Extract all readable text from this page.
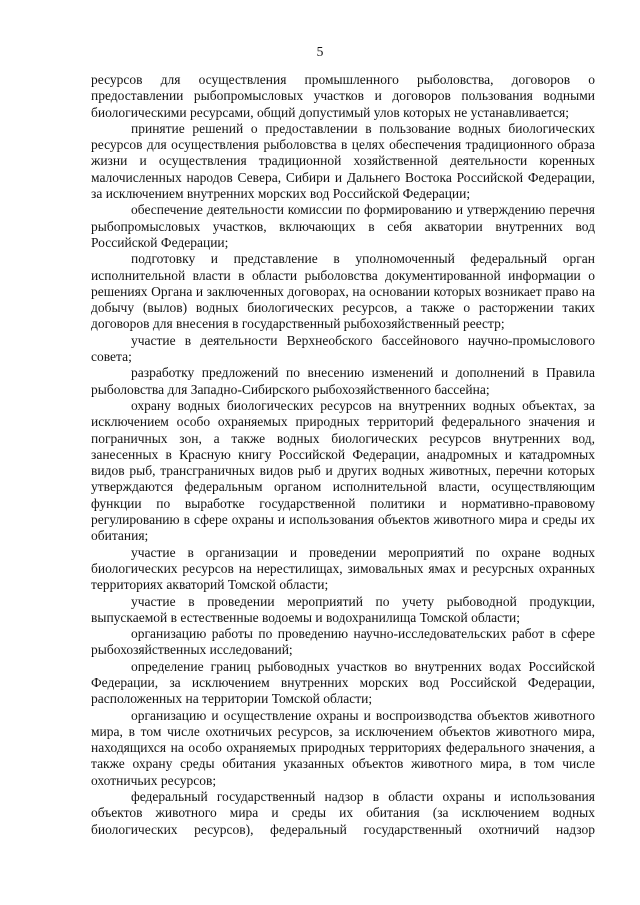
5

ресурсов для осуществления промышленного рыболовства, договоров о предоставлении рыбопромысловых участков и договоров пользования водными биологическими ресурсами, общий допустимый улов которых не устанавливается;

принятие решений о предоставлении в пользование водных биологических ресурсов для осуществления рыболовства в целях обеспечения традиционного образа жизни и осуществления традиционной хозяйственной деятельности коренных малочисленных народов Севера, Сибири и Дальнего Востока Российской Федерации, за исключением внутренних морских вод Российской Федерации;

обеспечение деятельности комиссии по формированию и утверждению перечня рыбопромысловых участков, включающих в себя акватории внутренних вод Российской Федерации;

подготовку и представление в уполномоченный федеральный орган исполнительной власти в области рыболовства документированной информации о решениях Органа и заключенных договорах, на основании которых возникает право на добычу (вылов) водных биологических ресурсов, а также о расторжении таких договоров для внесения в государственный рыбохозяйственный реестр;

участие в деятельности Верхнеобского бассейнового научно-промыслового совета;

разработку предложений по внесению изменений и дополнений в Правила рыболовства для Западно-Сибирского рыбохозяйственного бассейна;

охрану водных биологических ресурсов на внутренних водных объектах, за исключением особо охраняемых природных территорий федерального значения и пограничных зон, а также водных биологических ресурсов внутренних вод, занесенных в Красную книгу Российской Федерации, анадромных и катадромных видов рыб, трансграничных видов рыб и других водных животных, перечни которых утверждаются федеральным органом исполнительной власти, осуществляющим функции по выработке государственной политики и нормативно-правовому регулированию в сфере охраны и использования объектов животного мира и среды их обитания;

участие в организации и проведении мероприятий по охране водных биологических ресурсов на нерестилищах, зимовальных ямах и ресурсных охранных территориях акваторий Томской области;

участие в проведении мероприятий по учету рыбоводной продукции, выпускаемой в естественные водоемы и водохранилища Томской области;

организацию работы по проведению научно-исследовательских работ в сфере рыбохозяйственных исследований;

определение границ рыбоводных участков во внутренних водах Российской Федерации, за исключением внутренних морских вод Российской Федерации, расположенных на территории Томской области;

организацию и осуществление охраны и воспроизводства объектов животного мира, в том числе охотничьих ресурсов, за исключением объектов животного мира, находящихся на особо охраняемых природных территориях федерального значения, а также охрану среды обитания указанных объектов животного мира, в том числе охотничьих ресурсов;

федеральный государственный надзор в области охраны и использования объектов животного мира и среды их обитания (за исключением водных биологических ресурсов), федеральный государственный охотничий надзор
